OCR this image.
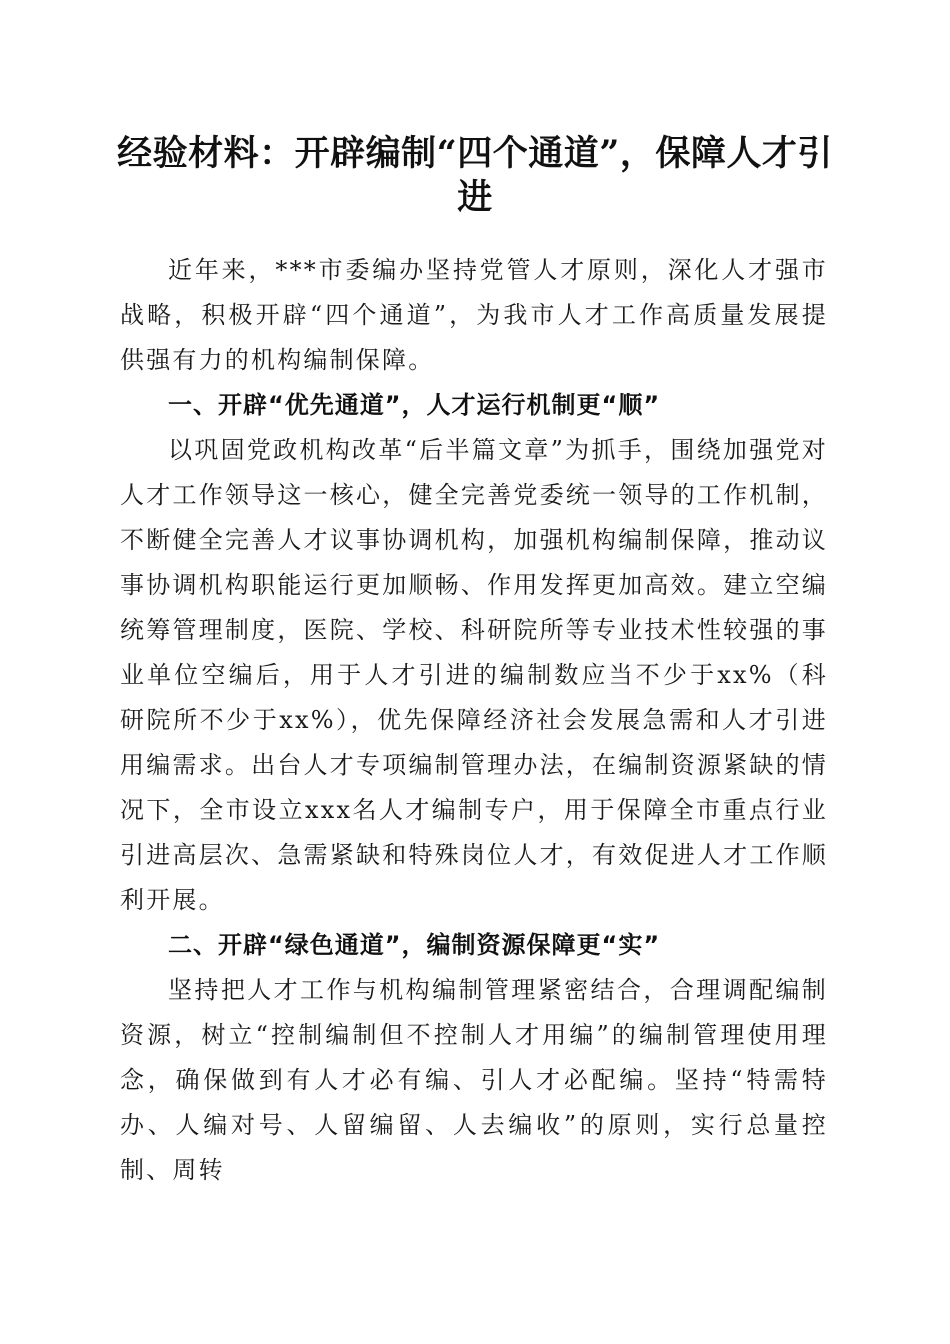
经验材料：开辟编制“四个通道”，保障人才引进

近年来，***市委编办坚持党管人才原则，深化人才强市战略，积极开辟“四个通道”，为我市人才工作高质量发展提供强有力的机构编制保障。

一、开辟“优先通道”，人才运行机制更“顺”

以巩固党政机构改革“后半篇文章”为抓手，围绕加强党对人才工作领导这一核心，健全完善党委统一领导的工作机制，不断健全完善人才议事协调机构，加强机构编制保障，推动议事协调机构职能运行更加顺畅、作用发挥更加高效。建立空编统筹管理制度，医院、学校、科研院所等专业技术性较强的事业单位空编后，用于人才引进的编制数应当不少于xx%（科研院所不少于xx%），优先保障经济社会发展急需和人才引进用编需求。出台人才专项编制管理办法，在编制资源紧缺的情况下，全市设立xxx名人才编制专户，用于保障全市重点行业引进高层次、急需紧缺和特殊岗位人才，有效促进人才工作顺利开展。

二、开辟“绿色通道”，编制资源保障更“实”

坚持把人才工作与机构编制管理紧密结合，合理调配编制资源，树立“控制编制但不控制人才用编”的编制管理使用理念，确保做到有人才必有编、引人才必配编。坚持“特需特办、人编对号、人留编留、人去编收”的原则，实行总量控制、周转
